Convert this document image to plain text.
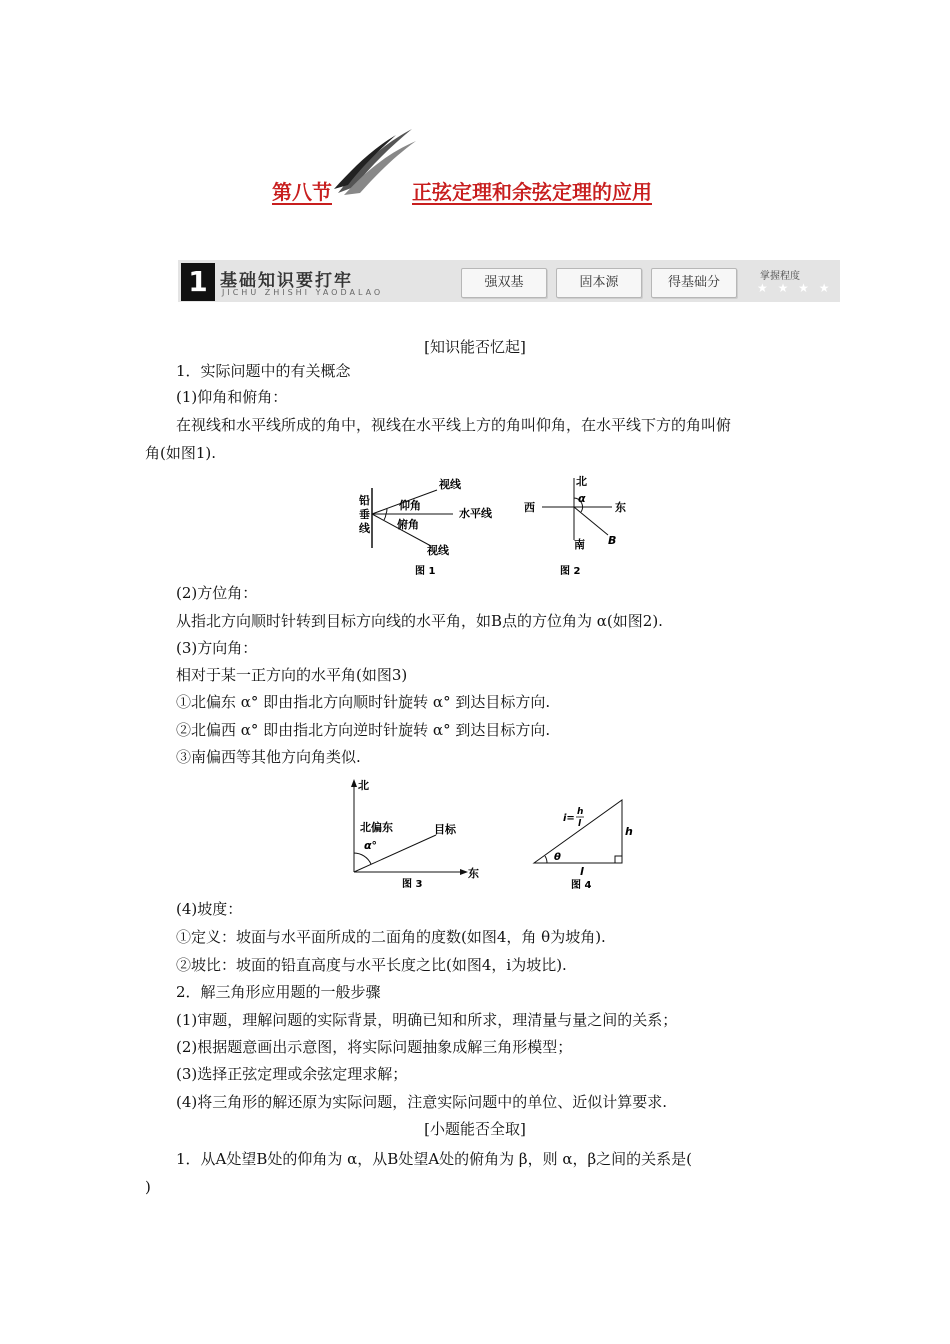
第八节	正弦定理和余弦定理的应用
1 基础知识要打牢
JICHU ZHISHI YAODALAO
强双基	固本源	得基础分	掌握程度
★ ★ ★ ★ ★
[知识能否忆起]
1．实际问题中的有关概念
(1)仰角和俯角：
在视线和水平线所成的角中，视线在水平线上方的角叫仰角，在水平线下方的角叫俯
角(如图1).
铅
垂
线
视线
仰角
水平线
俯角
视线
图 1
北
西	东
α
南 B
图 2
(2)方位角：
从指北方向顺时针转到目标方向线的水平角，如B点的方位角为 α(如图2).
(3)方向角：
相对于某一正方向的水平角(如图3)
①北偏东 α° 即由指北方向顺时针旋转 α° 到达目标方向.
②北偏西 α° 即由指北方向逆时针旋转 α° 到达目标方向.
③南偏西等其他方向角类似.
北
北偏东
α°
目标
东
图 3
i=
h
l
h
θ
l
图 4
(4)坡度：
①定义：坡面与水平面所成的二面角的度数(如图4，角 θ为坡角).
②坡比：坡面的铅直高度与水平长度之比(如图4，i为坡比).
2．解三角形应用题的一般步骤
(1)审题，理解问题的实际背景，明确已知和所求，理清量与量之间的关系；
(2)根据题意画出示意图，将实际问题抽象成解三角形模型；
(3)选择正弦定理或余弦定理求解；
(4)将三角形的解还原为实际问题，注意实际问题中的单位、近似计算要求.
[小题能否全取]
1．从A处望B处的仰角为 α，从B处望A处的俯角为 β，则 α，β之间的关系是(
)
